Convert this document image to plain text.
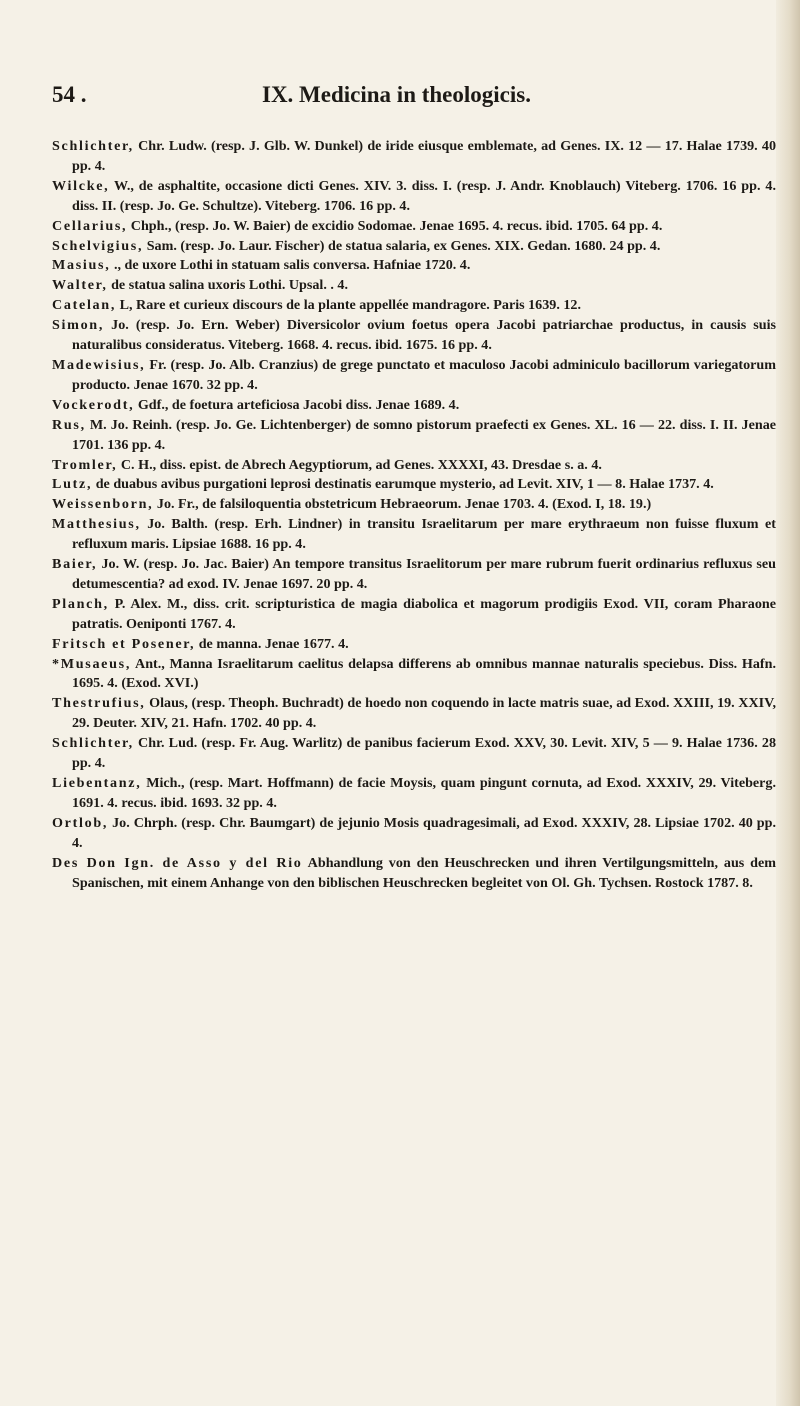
54 .	IX. Medicina in theologicis.
Schlichter, Chr. Ludw. (resp. J. Glb. W. Dunkel) de iride eiusque emblemate, ad Genes. IX. 12 — 17. Halae 1739. 40 pp. 4.
Wilcke, W., de asphaltite, occasione dicti Genes. XIV. 3. diss. I. (resp. J. Andr. Knoblauch) Viteberg. 1706. 16 pp. 4. diss. II. (resp. Jo. Ge. Schultze). Viteberg. 1706. 16 pp. 4.
Cellarius, Chph., (resp. Jo. W. Baier) de excidio Sodomae. Jenae 1695. 4. recus. ibid. 1705. 64 pp. 4.
Schelvigius, Sam. (resp. Jo. Laur. Fischer) de statua salaria, ex Genes. XIX. Gedan. 1680. 24 pp. 4.
Masius, ., de uxore Lothi in statuam salis conversa. Hafniae 1720. 4.
Walter, de statua salina uxoris Lothi. Upsal. . 4.
Catelan, L, Rare et curieux discours de la plante appellée mandragore. Paris 1639. 12.
Simon, Jo. (resp. Jo. Ern. Weber) Diversicolor ovium foetus opera Jacobi patriarchae productus, in causis suis naturalibus consideratus. Viteberg. 1668. 4. recus. ibid. 1675. 16 pp. 4.
Madewisius, Fr. (resp. Jo. Alb. Cranzius) de grege punctato et maculoso Jacobi adminiculo bacillorum variegatorum producto. Jenae 1670. 32 pp. 4.
Vockerodt, Gdf., de foetura arteficiosa Jacobi diss. Jenae 1689. 4.
Rus, M. Jo. Reinh. (resp. Jo. Ge. Lichtenberger) de somno pistorum praefecti ex Genes. XL. 16 — 22. diss. I. II. Jenae 1701. 136 pp. 4.
Tromler, C. H., diss. epist. de Abrech Aegyptiorum, ad Genes. XXXXI, 43. Dresdae s. a. 4.
Lutz, de duabus avibus purgationi leprosi destinatis earumque mysterio, ad Levit. XIV, 1 — 8. Halae 1737. 4.
Weissenborn, Jo. Fr., de falsiloquentia obstetricum Hebraeorum. Jenae 1703. 4. (Exod. I, 18. 19.)
Matthesius, Jo. Balth. (resp. Erh. Lindner) in transitu Israelitarum per mare erythraeum non fuisse fluxum et refluxum maris. Lipsiae 1688. 16 pp. 4.
Baier, Jo. W. (resp. Jo. Jac. Baier) An tempore transitus Israelitorum per mare rubrum fuerit ordinarius refluxus seu detumescentia? ad exod. IV. Jenae 1697. 20 pp. 4.
Planch, P. Alex. M., diss. crit. scripturistica de magia diabolica et magorum prodigiis Exod. VII, coram Pharaone patratis. Oeniponti 1767. 4.
Fritsch et Posener, de manna. Jenae 1677. 4.
*Musaeus, Ant., Manna Israelitarum caelitus delapsa differens ab omnibus mannae naturalis speciebus. Diss. Hafn. 1695. 4. (Exod. XVI.)
Thestrufius, Olaus, (resp. Theoph. Buchradt) de hoedo non coquendo in lacte matris suae, ad Exod. XXIII, 19. XXIV, 29. Deuter. XIV, 21. Hafn. 1702. 40 pp. 4.
Schlichter, Chr. Lud. (resp. Fr. Aug. Warlitz) de panibus facierum Exod. XXV, 30. Levit. XIV, 5 — 9. Halae 1736. 28 pp. 4.
Liebentanz, Mich., (resp. Mart. Hoffmann) de facie Moysis, quam pingunt cornuta, ad Exod. XXXIV, 29. Viteberg. 1691. 4. recus. ibid. 1693. 32 pp. 4.
Ortlob, Jo. Chrph. (resp. Chr. Baumgart) de jejunio Mosis quadragesimali, ad Exod. XXXIV, 28. Lipsiae 1702. 40 pp. 4.
Des Don Ign. de Asso y del Rio Abhandlung von den Heuschrecken und ihren Vertilgungsmitteln, aus dem Spanischen, mit einem Anhange von den biblischen Heuschrecken begleitet von Ol. Gh. Tychsen. Rostock 1787. 8.
